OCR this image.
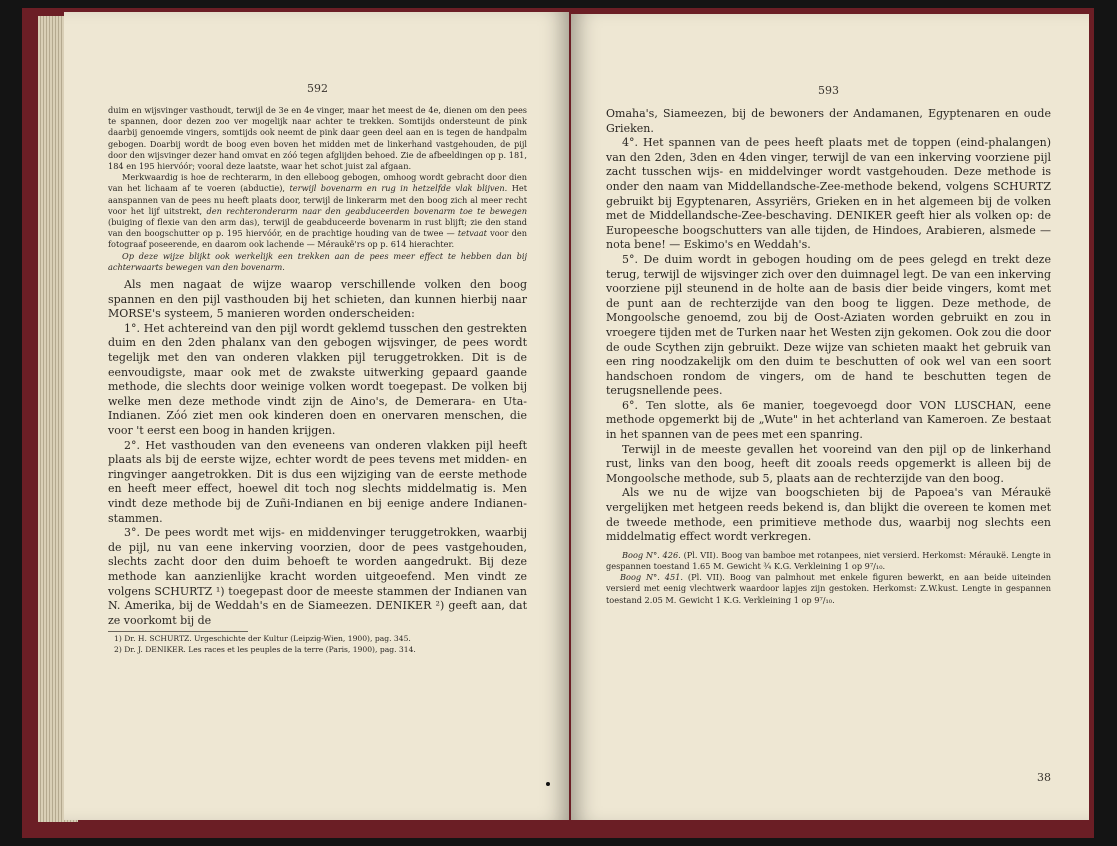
592

duim en wijsvinger vasthoudt, terwijl de 3e en 4e vinger, maar het meest de 4e, dienen om den pees te spannen, door dezen zoo ver mogelijk naar achter te trekken. Somtijds ondersteunt de pink daarbij genoemde vingers, somtijds ook neemt de pink daar geen deel aan en is tegen de handpalm gebogen. Doarbij wordt de boog even boven het midden met de linkerhand vastgehouden, de pijl door den wijsvinger dezer hand omvat en zóó tegen afglijden behoed. Zie de afbeeldingen op p. 181, 184 en 195 hiervóór; vooral deze laatste, waar het schot juist zal afgaan.

Merkwaardig is hoe de rechterarm, in den elleboog gebogen, omhoog wordt gebracht door dien van het lichaam af te voeren (abductie), terwijl bovenarm en rug in hetzelfde vlak blijven. Het aanspannen van de pees nu heeft plaats door, terwijl de linkerarm met den boog zich al meer recht voor het lijf uitstrekt, den rechteronderarm naar den geabduceerden bovenarm toe te bewegen (buiging of flexie van den arm das), terwijl de geabduceerde bovenarm in rust blijft; zie den stand van den boogschutter op p. 195 hiervóór, en de prachtige houding van de twee — tetvaat voor den fotograaf poseerende, en daarom ook lachende — Méraukë'rs op p. 614 hierachter.

Op deze wijze blijkt ook werkelijk een trekken aan de pees meer effect te hebben dan bij achterwaarts bewegen van den bovenarm.

Als men nagaat de wijze waarop verschillende volken den boog spannen en den pijl vasthouden bij het schieten, dan kunnen hierbij naar MORSE's systeem, 5 manieren worden onderscheiden:

1°. Het achtereind van den pijl wordt geklemd tusschen den gestrekten duim en den 2den phalanx van den gebogen wijsvinger, de pees wordt tegelijk met den van onderen vlakken pijl teruggetrokken. Dit is de eenvoudigste, maar ook met de zwakste uitwerking gepaard gaande methode, die slechts door weinige volken wordt toegepast. De volken bij welke men deze methode vindt zijn de Aino's, de Demerara- en Uta-Indianen. Zóó ziet men ook kinderen doen en onervaren menschen, die voor 't eerst een boog in handen krijgen.

2°. Het vasthouden van den eveneens van onderen vlakken pijl heeft plaats als bij de eerste wijze, echter wordt de pees tevens met midden- en ringvinger aangetrokken. Dit is dus een wijziging van de eerste methode en heeft meer effect, hoewel dit toch nog slechts middelmatig is. Men vindt deze methode bij de Zuñi-Indianen en bij eenige andere Indianen-stammen.

3°. De pees wordt met wijs- en middenvinger teruggetrokken, waarbij de pijl, nu van eene inkerving voorzien, door de pees vastgehouden, slechts zacht door den duim behoeft te worden aangedrukt. Bij deze methode kan aanzienlijke kracht worden uitgeoefend. Men vindt ze volgens SCHURTZ ¹) toegepast door de meeste stammen der Indianen van N. Amerika, bij de Weddah's en de Siameezen. DENIKER ²) geeft aan, dat ze voorkomt bij de

1) Dr. H. SCHURTZ. Urgeschichte der Kultur (Leipzig-Wien, 1900), pag. 345.

2) Dr. J. DENIKER. Les races et les peuples de la terre (Paris, 1900), pag. 314.

593

Omaha's, Siameezen, bij de bewoners der Andamanen, Egyptenaren en oude Grieken.

4°. Het spannen van de pees heeft plaats met de toppen (eind-phalangen) van den 2den, 3den en 4den vinger, terwijl de van een inkerving voorziene pijl zacht tusschen wijs- en middelvinger wordt vastgehouden. Deze methode is onder den naam van Middellandsche-Zee-methode bekend, volgens SCHURTZ gebruikt bij Egyptenaren, Assyriërs, Grieken en in het algemeen bij de volken met de Middellandsche-Zee-beschaving. DENIKER geeft hier als volken op: de Europeesche boogschutters van alle tijden, de Hindoes, Arabieren, alsmede — nota bene! — Eskimo's en Weddah's.

5°. De duim wordt in gebogen houding om de pees gelegd en trekt deze terug, terwijl de wijsvinger zich over den duimnagel legt. De van een inkerving voorziene pijl steunend in de holte aan de basis dier beide vingers, komt met de punt aan de rechterzijde van den boog te liggen. Deze methode, de Mongoolsche genoemd, zou bij de Oost-Aziaten worden gebruikt en zou in vroegere tijden met de Turken naar het Westen zijn gekomen. Ook zou die door de oude Scythen zijn gebruikt. Deze wijze van schieten maakt het gebruik van een ring noodzakelijk om den duim te beschutten of ook wel van een soort handschoen rondom de vingers, om de hand te beschutten tegen de terugsnellende pees.

6°. Ten slotte, als 6e manier, toegevoegd door VON LUSCHAN, eene methode opgemerkt bij de „Wute" in het achterland van Kameroen. Ze bestaat in het spannen van de pees met een spanring.

Terwijl in de meeste gevallen het vooreind van den pijl op de linkerhand rust, links van den boog, heeft dit zooals reeds opgemerkt is alleen bij de Mongoolsche methode, sub 5, plaats aan de rechterzijde van den boog.

Als we nu de wijze van boogschieten bij de Papoea's van Méraukë vergelijken met hetgeen reeds bekend is, dan blijkt die overeen te komen met de tweede methode, een primitieve methode dus, waarbij nog slechts een middelmatig effect wordt verkregen.

Boog N°. 426. (Pl. VII). Boog van bamboe met rotanpees, niet versierd. Herkomst: Méraukë. Lengte in gespannen toestand 1.65 M. Gewicht ¾ K.G. Verkleining 1 op 9⁷/₁₀.

Boog N°. 451. (Pl. VII). Boog van palmhout met enkele figuren bewerkt, en aan beide uiteinden versierd met eenig vlechtwerk waardoor lapjes zijn gestoken. Herkomst: Z.W.kust. Lengte in gespannen toestand 2.05 M. Gewicht 1 K.G. Verkleining 1 op 9⁷/₁₀.

38
